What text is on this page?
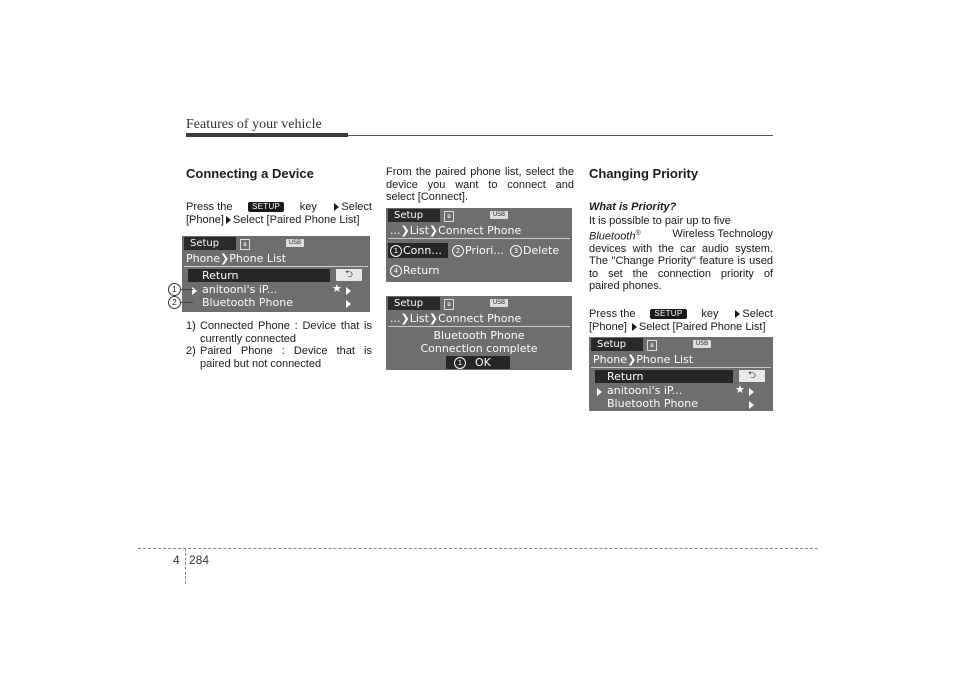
Features of your vehicle
Connecting a Device
Press the	SETUP	key	Select
[Phone] Select [Paired Phone List]
Setup	ʙ	USB
Phone❯Phone List
Return	⮌
anitooni's iP...	★
Bluetooth Phone
1
2
1) Connected Phone : Device that is
currently connected
2) Paired Phone : Device that is
paired but not connected
From the paired phone list, select the
device you want to connect and
select [Connect].
Setup	ʙ	USB
...❯List❯Connect Phone
1 Conn...	2 Priori...	3 Delete
4 Return
Setup	ʙ	USB
...❯List❯Connect Phone
Bluetooth Phone
Connection complete
1 OK
Changing Priority
What is Priority?
It is possible to pair up to five
Bluetooth®	Wireless Technology
devices with the car audio system.
The "Change Priority" feature is used
to set the connection priority of
paired phones.
Press the	SETUP	key	Select
[Phone] Select [Paired Phone List]
Setup	ʙ	USB
Phone❯Phone List
Return	⮌
anitooni's iP...	★
Bluetooth Phone
4 284
